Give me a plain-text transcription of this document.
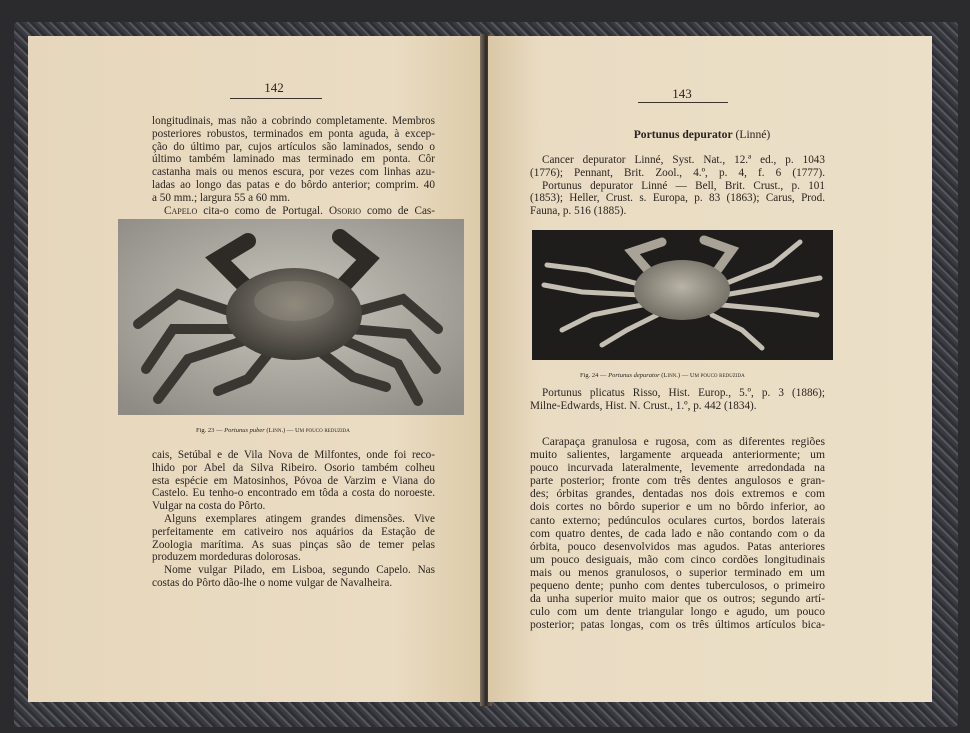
142
longitudinais, mas não a cobrindo completamente. Membros
posteriores robustos, terminados em ponta aguda, à excep-
ção do último par, cujos artículos são laminados, sendo o
último também laminado mas terminado em ponta. Côr
castanha mais ou menos escura, por vezes com linhas azu-
ladas ao longo das patas e do bôrdo anterior; comprim. 40
a 50 mm.; largura 55 a 60 mm.
Capelo cita-o como de Portugal. Osorio como de Cas-
Fig. 23 — Portunus puber (Linn.) — Um pouco reduzida
cais, Setúbal e de Vila Nova de Milfontes, onde foi reco-
lhido por Abel da Silva Ribeiro. Osorio também colheu
esta espécie em Matosinhos, Póvoa de Varzim e Viana do
Castelo. Eu tenho-o encontrado em tôda a costa do noroeste.
Vulgar na costa do Pôrto.
Alguns exemplares atingem grandes dimensões. Vive
perfeitamente em cativeiro nos aquários da Estação de
Zoologia marítima. As suas pinças são de temer pelas
produzem mordeduras dolorosas.
Nome vulgar Pilado, em Lisboa, segundo Capelo. Nas
costas do Pôrto dão-lhe o nome vulgar de Navalheira.
143
Portunus depurator (Linné)
Cancer depurator Linné, Syst. Nat., 12.ª ed., p. 1043
(1776); Pennant, Brit. Zool., 4.º, p. 4, f. 6 (1777).
Portunus depurator Linné — Bell, Brit. Crust., p. 101
(1853); Heller, Crust. s. Europa, p. 83 (1863); Carus, Prod.
Fauna, p. 516 (1885).
Fig. 24 — Portunus depurator (Linn.) — Um pouco reduzida
Portunus plicatus Risso, Hist. Europ., 5.º, p. 3 (1886);
Milne-Edwards, Hist. N. Crust., 1.º, p. 442 (1834).
Carapaça granulosa e rugosa, com as diferentes regiões
muito salientes, largamente arqueada anteriormente; um
pouco incurvada lateralmente, levemente arredondada na
parte posterior; fronte com três dentes angulosos e gran-
des; órbitas grandes, dentadas nos dois extremos e com
dois cortes no bôrdo superior e um no bôrdo inferior, ao
canto externo; pedúnculos oculares curtos, bordos laterais
com quatro dentes, de cada lado e não contando com o da
órbita, pouco desenvolvidos mas agudos. Patas anteriores
um pouco desiguais, mão com cinco cordões longitudinais
mais ou menos granulosos, o superior terminado em um
pequeno dente; punho com dentes tuberculosos, o primeiro
da unha superior muito maior que os outros; segundo artí-
culo com um dente triangular longo e agudo, um pouco
posterior; patas longas, com os três últimos artículos bica-
